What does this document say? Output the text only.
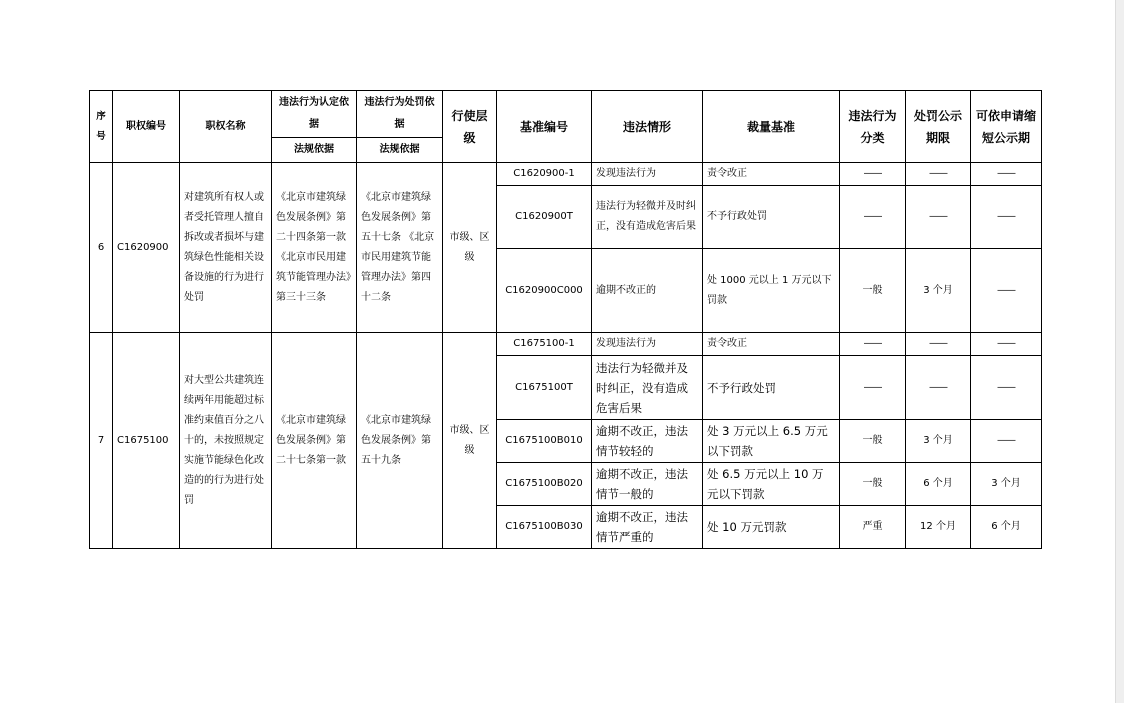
序号	职权编号	职权名称	违法行为认定依据	违法行为处罚依据	行使层级	基准编号	违法情形	裁量基准	违法行为分类	处罚公示期限	可依申请缩短公示期
			法规依据	法规依据							
6	C1620900	对建筑所有权人或者受托管理人擅自拆改或者损坏与建筑绿色性能相关设备设施的行为进行处罚	《北京市建筑绿色发展条例》第二十四条第一款 《北京市民用建筑节能管理办法》第三十三条	《北京市建筑绿色发展条例》第五十七条 《北京市民用建筑节能管理办法》第四十二条	市级、区级	C1620900-1	发现违法行为	责令改正	——	——	——
						C1620900T	违法行为轻微并及时纠正，没有造成危害后果	不予行政处罚	——	——	——
						C1620900C000	逾期不改正的	处 1000 元以上 1 万元以下罚款	一般	3 个月	——
7	C1675100	对大型公共建筑连续两年用能超过标准约束值百分之八十的，未按照规定实施节能绿色化改造的的行为进行处罚	《北京市建筑绿色发展条例》第二十七条第一款	《北京市建筑绿色发展条例》第五十九条	市级、区级	C1675100-1	发现违法行为	责令改正	——	——	——
						C1675100T	违法行为轻微并及时纠正，没有造成危害后果	不予行政处罚	——	——	——
						C1675100B010	逾期不改正，违法情节较轻的	处 3 万元以上 6.5 万元以下罚款	一般	3 个月	——
						C1675100B020	逾期不改正，违法情节一般的	处 6.5 万元以上 10 万元以下罚款	一般	6 个月	3 个月
						C1675100B030	逾期不改正，违法情节严重的	处 10 万元罚款	严重	12 个月	6 个月
